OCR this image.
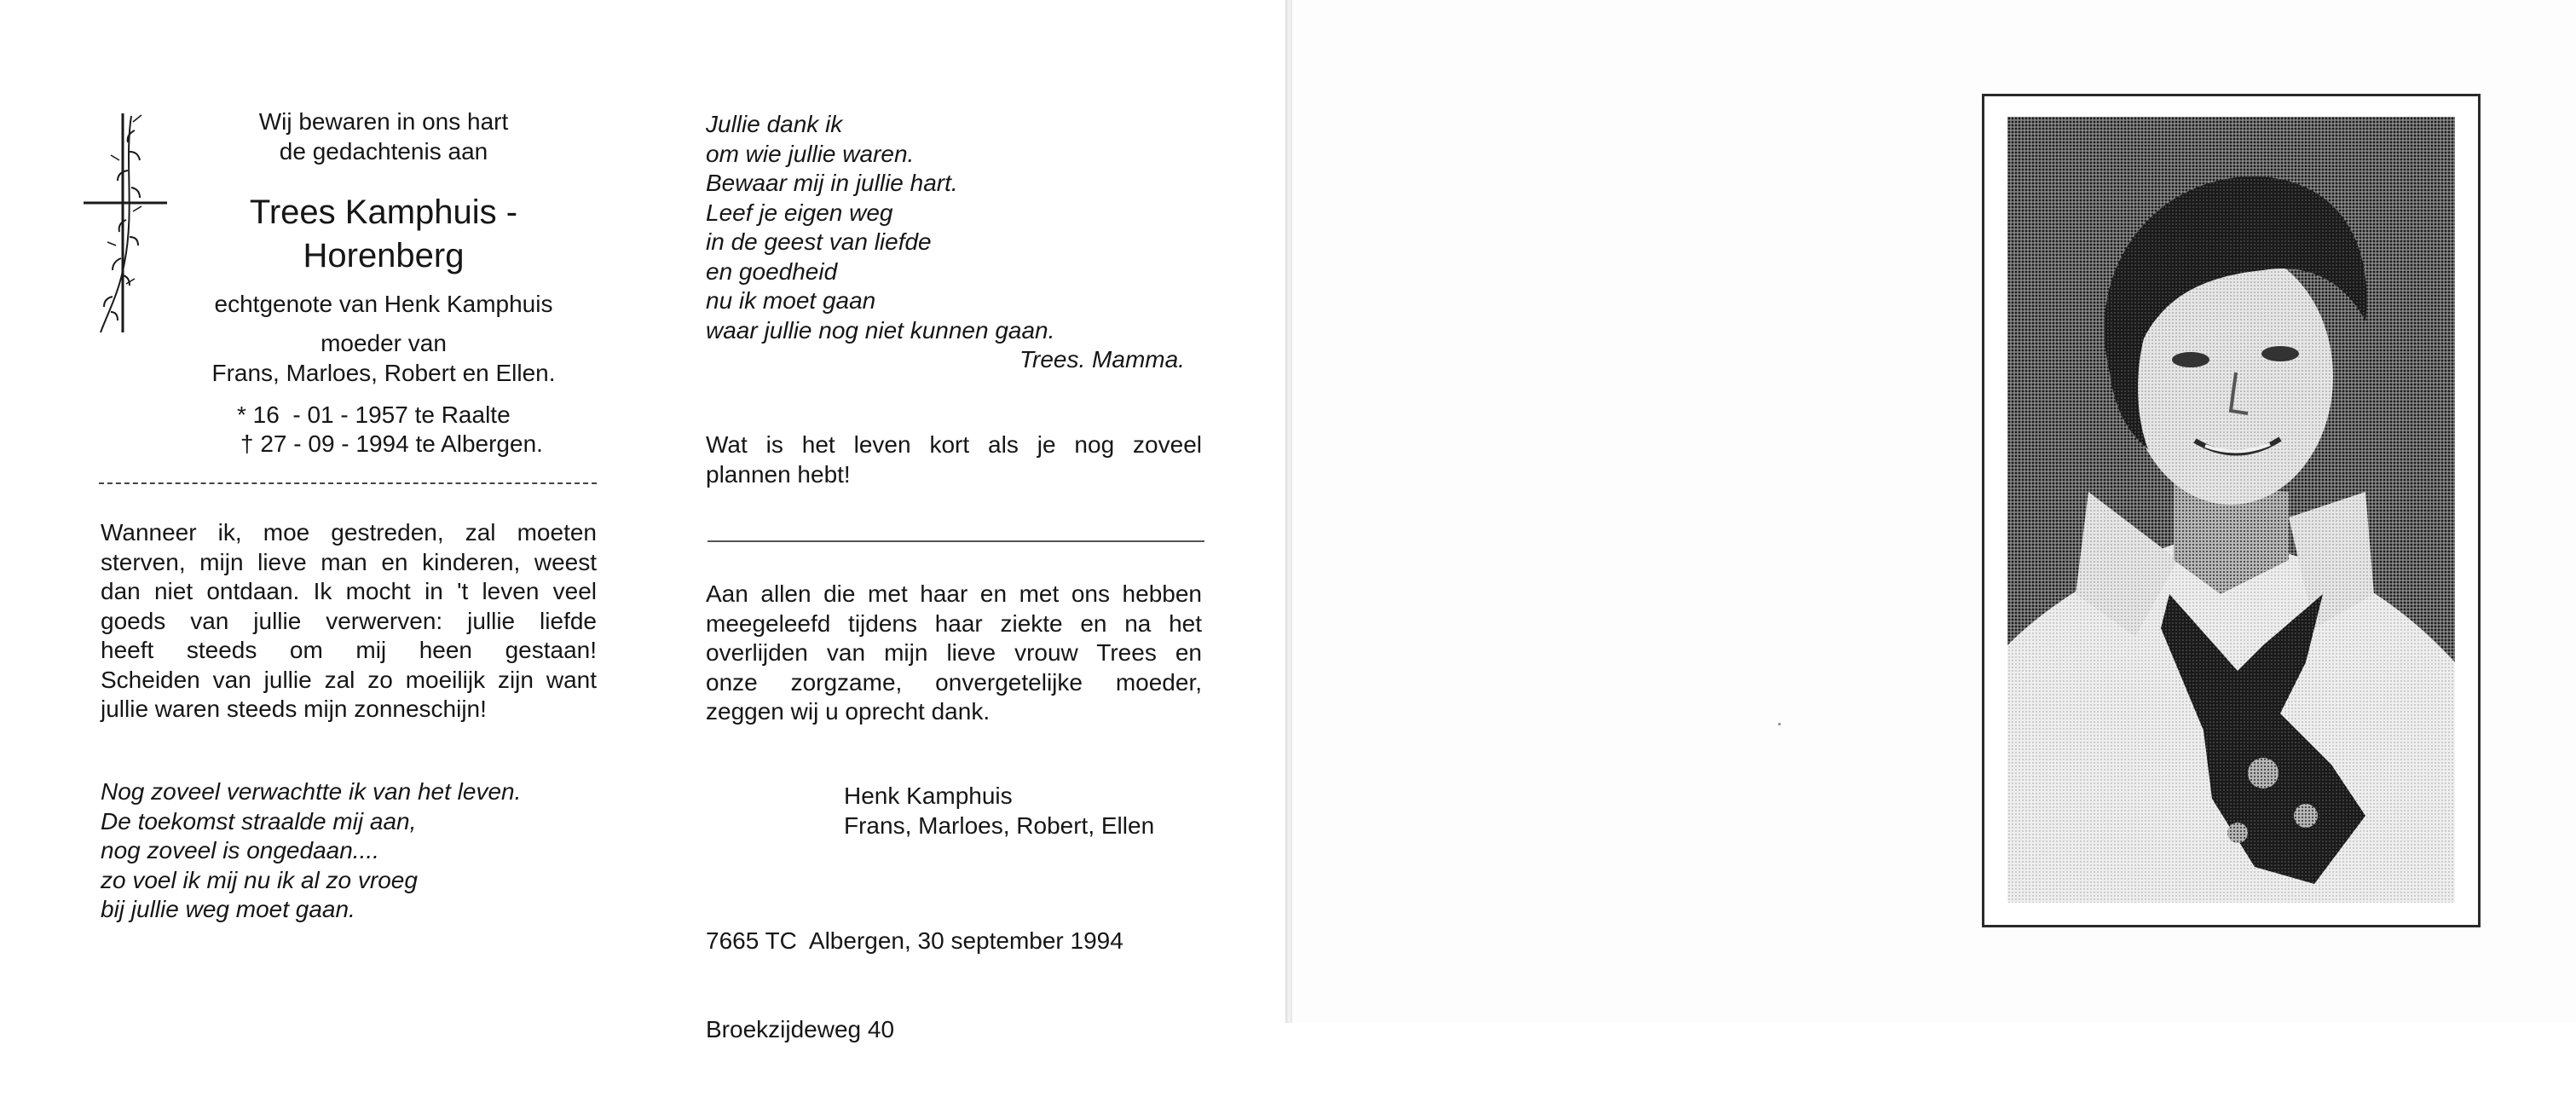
Wij bewaren in ons hart
de gedachtenis aan
Trees Kamphuis -
Horenberg
echtgenote van Henk Kamphuis
moeder van
Frans, Marloes, Robert en Ellen.
* 16  - 01 - 1957 te Raalte
† 27 - 09 - 1994 te Albergen.

Wanneer ik, moe gestreden, zal moeten

sterven, mijn lieve man en kinderen, weest

dan niet ontdaan. Ik mocht in 't leven veel

goeds van jullie verwerven: jullie liefde

heeft steeds om mij heen gestaan!

Scheiden van jullie zal zo moeilijk zijn want

jullie waren steeds mijn zonneschijn!

Nog zoveel verwachtte ik van het leven.
De toekomst straalde mij aan,
nog zoveel is ongedaan....
zo voel ik mij nu ik al zo vroeg
bij jullie weg moet gaan.
Jullie dank ik
om wie jullie waren.
Bewaar mij in jullie hart.
Leef je eigen weg
in de geest van liefde
en goedheid
nu ik moet gaan
waar jullie nog niet kunnen gaan.
Trees. Mamma.

Wat is het leven kort als je nog zoveel

plannen hebt!

Aan allen die met haar en met ons hebben

meegeleefd tijdens haar ziekte en na het

overlijden van mijn lieve vrouw Trees en

onze zorgzame, onvergetelijke moeder,

zeggen wij u oprecht dank.

Henk Kamphuis
Frans, Marloes, Robert, Ellen

7665 TC  Albergen, 30 september 1994

Broekzijdeweg 40
